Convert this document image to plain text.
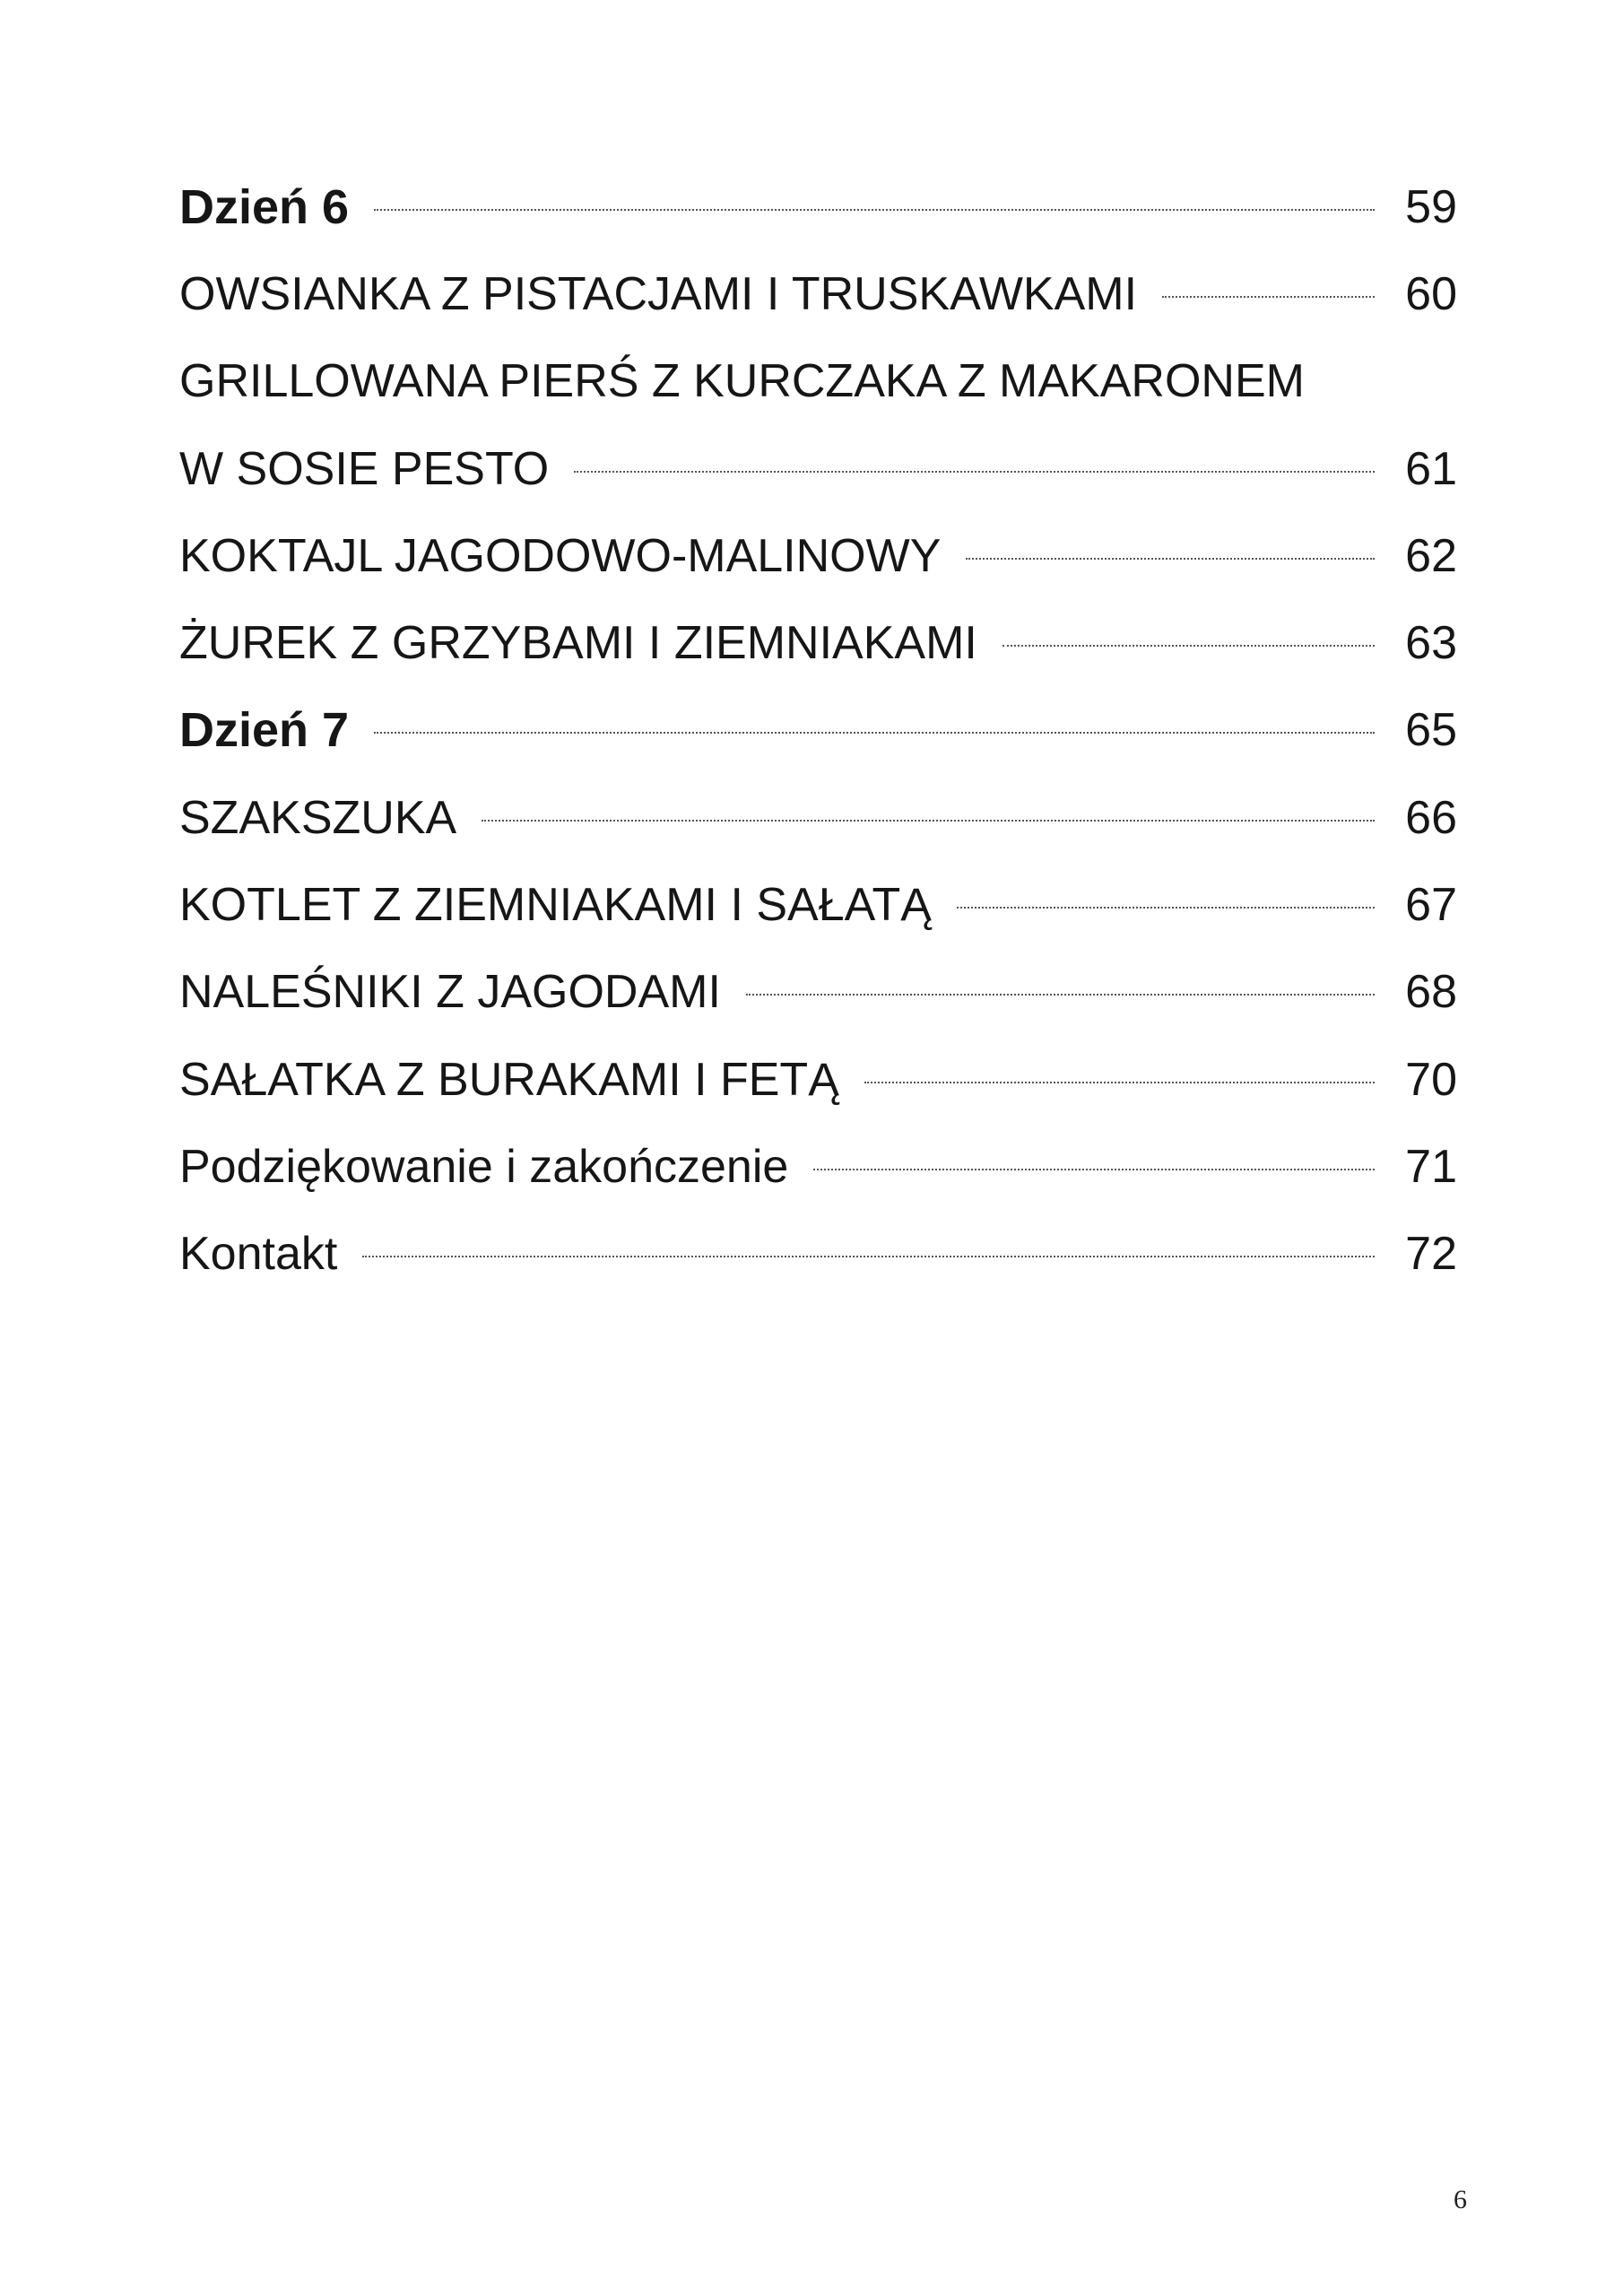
Dzień 6	59
OWSIANKA Z PISTACJAMI I TRUSKAWKAMI	60
GRILLOWANA PIERŚ Z KURCZAKA Z MAKARONEM
W SOSIE PESTO	61
KOKTAJL JAGODOWO-MALINOWY	62
ŻUREK Z GRZYBAMI I ZIEMNIAKAMI	63
Dzień 7	65
SZAKSZUKA	66
KOTLET Z ZIEMNIAKAMI I SAŁATĄ	67
NALEŚNIKI Z JAGODAMI	68
SAŁATKA Z BURAKAMI I FETĄ	70
Podziękowanie i zakończenie	71
Kontakt	72
6
